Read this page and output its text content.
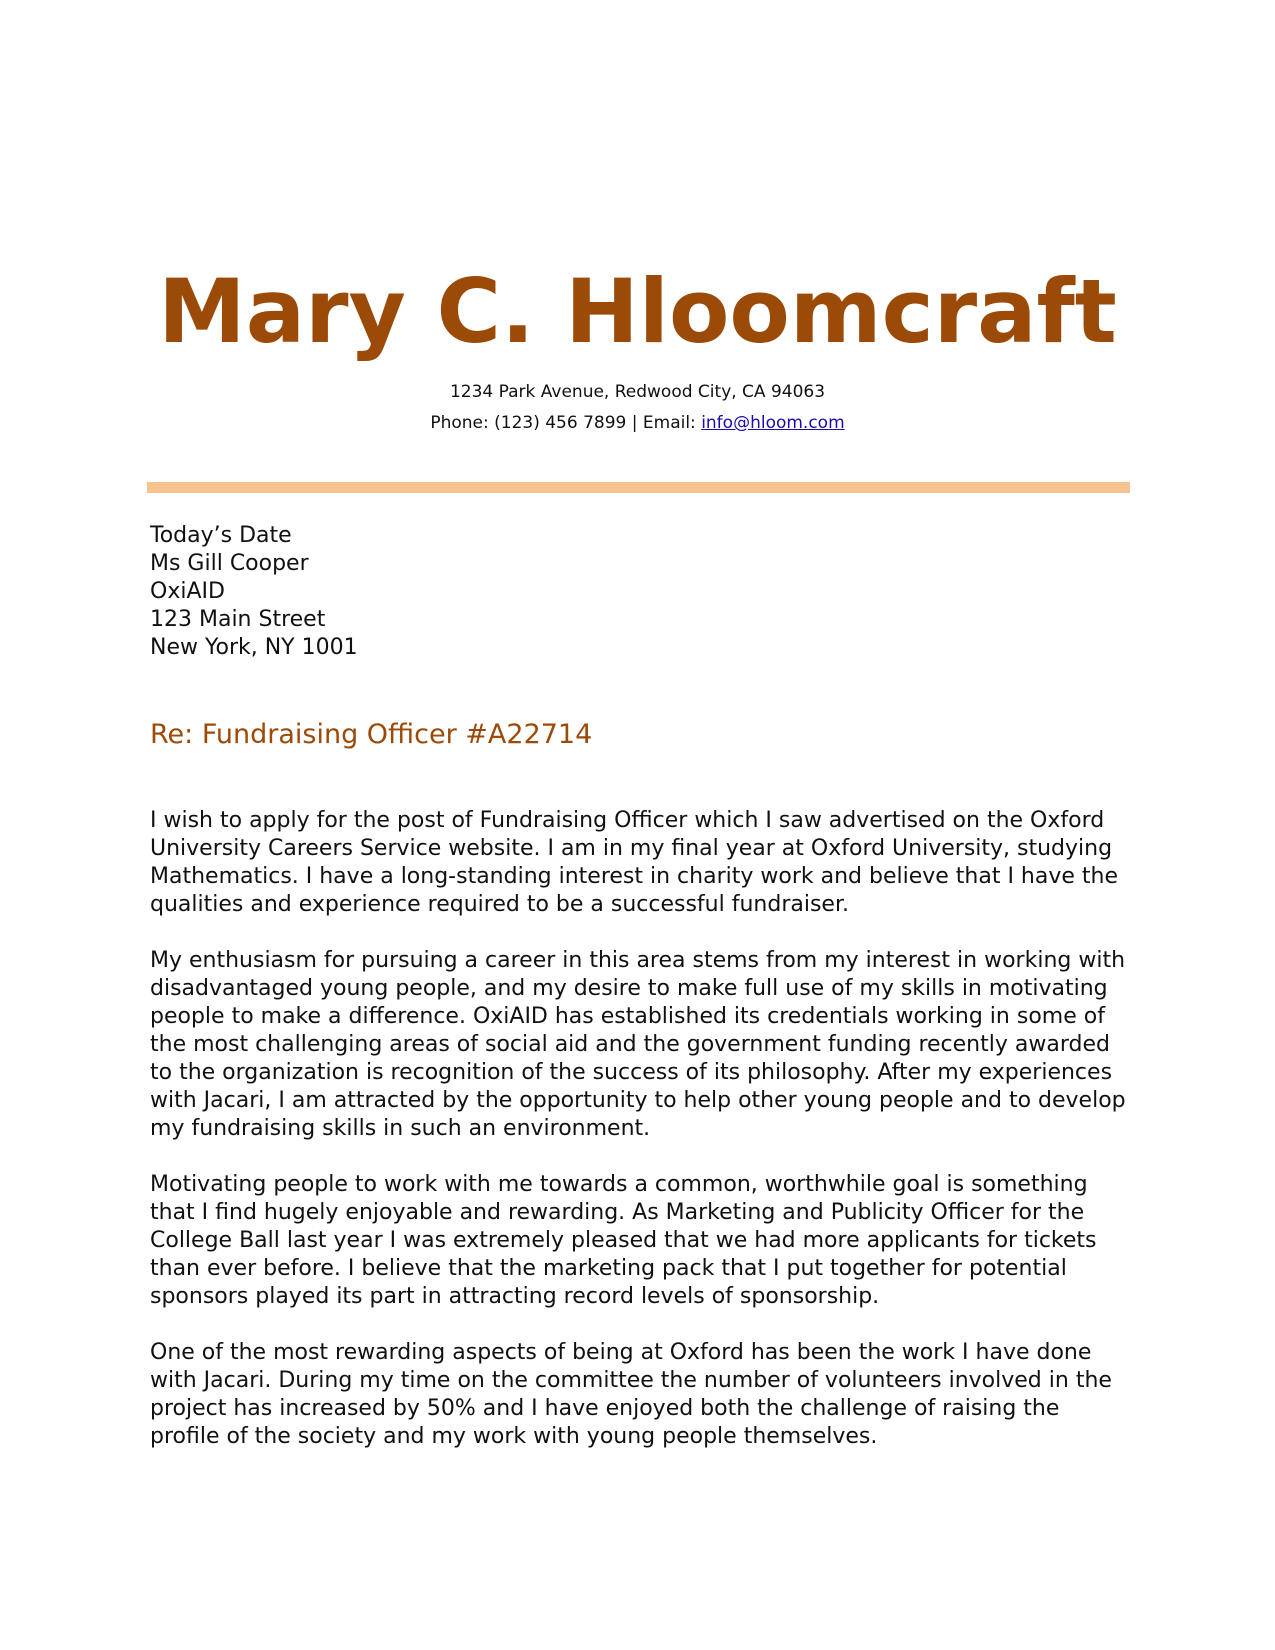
Mary C. Hloomcraft
1234 Park Avenue, Redwood City, CA 94063
Phone: (123) 456 7899 | Email: info@hloom.com
Today’s Date
Ms Gill Cooper
OxiAID
123 Main Street
New York, NY 1001
Re: Fundraising Officer #A22714

I wish to apply for the post of Fundraising Officer which I saw advertised on the Oxford University Careers Service website. I am in my final year at Oxford University, studying Mathematics. I have a long-standing interest in charity work and believe that I have the qualities and experience required to be a successful fundraiser.

My enthusiasm for pursuing a career in this area stems from my interest in working with disadvantaged young people, and my desire to make full use of my skills in motivating people to make a difference. OxiAID has established its credentials working in some of the most challenging areas of social aid and the government funding recently awarded to the organization is recognition of the success of its philosophy. After my experiences with Jacari, I am attracted by the opportunity to help other young people and to develop my fundraising skills in such an environment.

Motivating people to work with me towards a common, worthwhile goal is something that I find hugely enjoyable and rewarding. As Marketing and Publicity Officer for the College Ball last year I was extremely pleased that we had more applicants for tickets than ever before. I believe that the marketing pack that I put together for potential sponsors played its part in attracting record levels of sponsorship.

One of the most rewarding aspects of being at Oxford has been the work I have done with Jacari. During my time on the committee the number of volunteers involved in the project has increased by 50% and I have enjoyed both the challenge of raising the profile of the society and my work with young people themselves.
